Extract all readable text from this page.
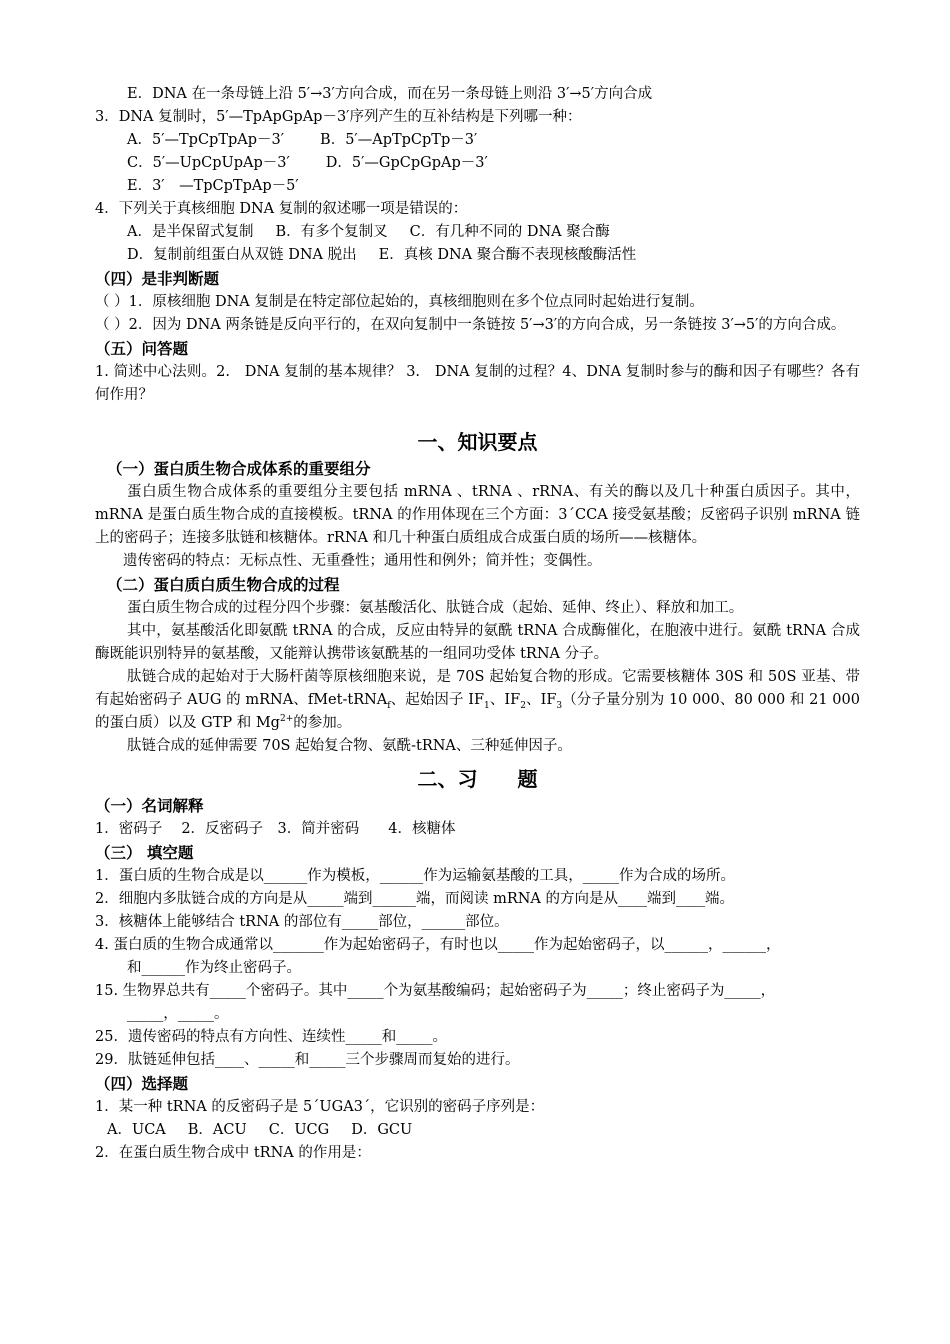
E．DNA 在一条母链上沿 5′→3′方向合成，而在另一条母链上则沿 3′→5′方向合成
3．DNA 复制时，5′—TpApGpAp－3′序列产生的互补结构是下列哪一种：
A．5′—TpCpTpAp－3′ B．5′—ApTpCpTp－3′
C．5′—UpCpUpAp－3′ D．5′—GpCpGpAp－3′
E．3′　—TpCpTpAp－5′
4．下列关于真核细胞 DNA 复制的叙述哪一项是错误的：
A．是半保留式复制 B．有多个复制叉 C．有几种不同的 DNA 聚合酶
D．复制前组蛋白从双链 DNA 脱出 E．真核 DNA 聚合酶不表现核酸酶活性
（四）是非判断题
（ ）1．原核细胞 DNA 复制是在特定部位起始的，真核细胞则在多个位点同时起始进行复制。
（ ）2．因为 DNA 两条链是反向平行的，在双向复制中一条链按 5′→3′的方向合成，另一条链按 3′→5′的方向合成。
（五）问答题
1. 简述中心法则。2.　DNA 复制的基本规律？ 3.　DNA 复制的过程？4、DNA 复制时参与的酶和因子有哪些？各有何作用？
一、知识要点
（一）蛋白质生物合成体系的重要组分
蛋白质生物合成体系的重要组分主要包括 mRNA 、tRNA 、rRNA、有关的酶以及几十种蛋白质因子。其中，mRNA 是蛋白质生物合成的直接模板。tRNA 的作用体现在三个方面：3ˊCCA 接受氨基酸；反密码子识别 mRNA 链上的密码子；连接多肽链和核糖体。rRNA 和几十种蛋白质组成合成蛋白质的场所——核糖体。
遗传密码的特点：无标点性、无重叠性；通用性和例外；简并性；变偶性。
（二）蛋白质白质生物合成的过程
蛋白质生物合成的过程分四个步骤：氨基酸活化、肽链合成（起始、延伸、终止）、释放和加工。
其中，氨基酸活化即氨酰 tRNA 的合成，反应由特异的氨酰 tRNA 合成酶催化，在胞液中进行。氨酰 tRNA 合成酶既能识别特异的氨基酸，又能辩认携带该氨酰基的一组同功受体 tRNA 分子。
肽链合成的起始对于大肠杆菌等原核细胞来说，是 70S 起始复合物的形成。它需要核糖体 30S 和 50S 亚基、带有起始密码子 AUG 的 mRNA、fMet-tRNA$_f$、起始因子 $IF_1$、$IF_2$、$IF_3$（分子量分别为 10 000、80 000 和 21 000 的蛋白质）以及 GTP 和 $Mg^{2+}$的参加。
肽链合成的延伸需要 70S 起始复合物、氨酰-tRNA、三种延伸因子。
二、习　　题
（一）名词解释
1．密码子　 2．反密码子　3．简并密码　　4．核糖体
（三） 填空题
1．蛋白质的生物合成是以______作为模板，______作为运输氨基酸的工具，_____作为合成的场所。
2．细胞内多肽链合成的方向是从_____端到______端，而阅读 mRNA 的方向是从____端到____端。
3．核糖体上能够结合 tRNA 的部位有_____部位，______部位。
4. 蛋白质的生物合成通常以_______作为起始密码子，有时也以_____作为起始密码子，以______，______，
和______作为终止密码子。
15. 生物界总共有_____个密码子。其中_____个为氨基酸编码；起始密码子为_____；终止密码子为_____，
_____，_____。
25．遗传密码的特点有方向性、连续性_____和_____。
29．肽链延伸包括____、_____和_____三个步骤周而复始的进行。
（四）选择题
1．某一种 tRNA 的反密码子是 5ˊUGA3ˊ，它识别的密码子序列是：
A．UCA B．ACU C．UCG D．GCU
2．在蛋白质生物合成中 tRNA 的作用是：
